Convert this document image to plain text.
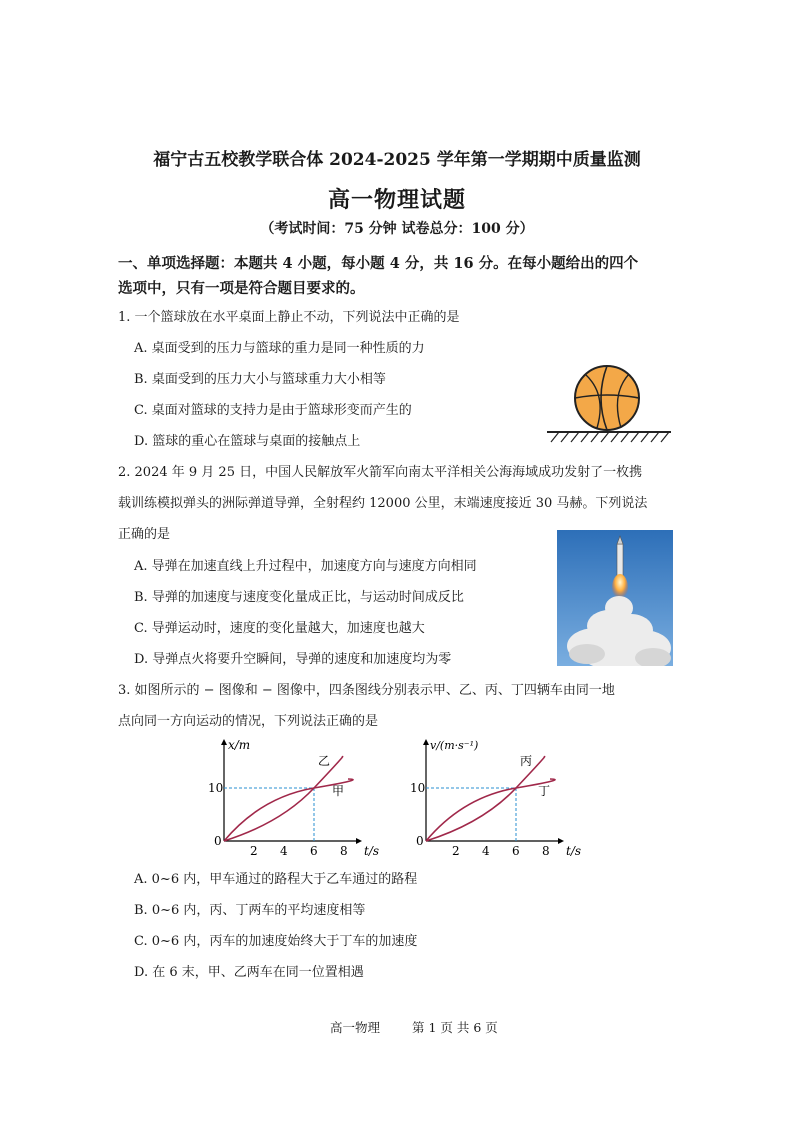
福宁古五校教学联合体 2024-2025 学年第一学期期中质量监测
高一物理试题
（考试时间：75 分钟 试卷总分：100 分）
一、单项选择题：本题共 4 小题，每小题 4 分，共 16 分。在每小题给出的四个
选项中，只有一项是符合题目要求的。
1. 一个篮球放在水平桌面上静止不动，下列说法中正确的是
A. 桌面受到的压力与篮球的重力是同一种性质的力
B. 桌面受到的压力大小与篮球重力大小相等
C. 桌面对篮球的支持力是由于篮球形变而产生的
D. 篮球的重心在篮球与桌面的接触点上
2. 2024 年 9 月 25 日，中国人民解放军火箭军向南太平洋相关公海海域成功发射了一枚携
载训练模拟弹头的洲际弹道导弹，全射程约 12000 公里，末端速度接近 30 马赫。下列说法
正确的是
A. 导弹在加速直线上升过程中，加速度方向与速度方向相同
B. 导弹的加速度与速度变化量成正比，与运动时间成反比
C. 导弹运动时，速度的变化量越大，加速度也越大
D. 导弹点火将要升空瞬间，导弹的速度和加速度均为零
3. 如图所示的 − 图像和 − 图像中，四条图线分别表示甲、乙、丙、丁四辆车由同一地
点向同一方向运动的情况，下列说法正确的是
x/m
t/s
10
0
2 4 6 8
乙
甲
v/(m·s⁻¹)
t/s
10
0
2 4 6 8
丙
丁
A. 0~6 内，甲车通过的路程大于乙车通过的路程
B. 0~6 内，丙、丁两车的平均速度相等
C. 0~6 内，丙车的加速度始终大于丁车的加速度
D. 在 6 末，甲、乙两车在同一位置相遇
高一物理	第 1 页 共 6 页
